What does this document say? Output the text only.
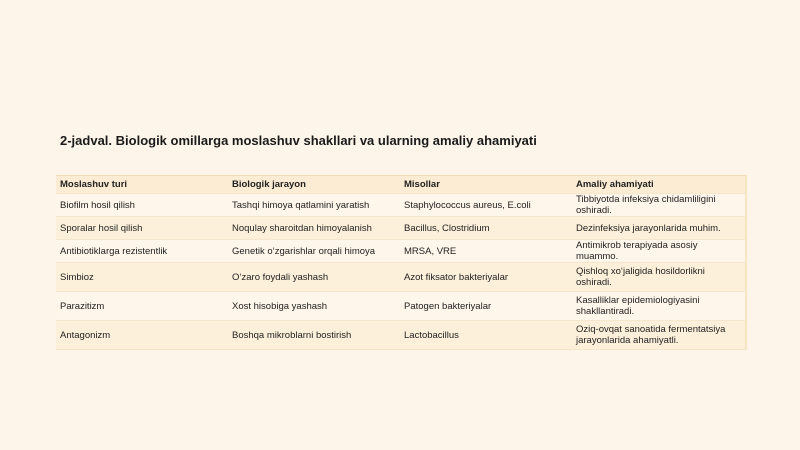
2-jadval. Biologik omillarga moslashuv shakllari va ularning amaliy ahamiyati
Moslashuv turi	Biologik jarayon	Misollar	Amaliy ahamiyati
Biofilm hosil qilish	Tashqi himoya qatlamini yaratish	Staphylococcus aureus, E.coli	Tibbiyotda infeksiya chidamliligini oshiradi.
Sporalar hosil qilish	Noqulay sharoitdan himoyalanish	Bacillus, Clostridium	Dezinfeksiya jarayonlarida muhim.
Antibiotiklarga rezistentlik	Genetik o‘zgarishlar orqali himoya	MRSA, VRE	Antimikrob terapiyada asosiy muammo.
Simbioz	O‘zaro foydali yashash	Azot fiksator bakteriyalar	Qishloq xo‘jaligida hosildorlikni oshiradi.
Parazitizm	Xost hisobiga yashash	Patogen bakteriyalar	Kasalliklar epidemiologiyasini shakllantiradi.
Antagonizm	Boshqa mikroblarni bostirish	Lactobacillus	Oziq-ovqat sanoatida fermentatsiya jarayonlarida ahamiyatli.
